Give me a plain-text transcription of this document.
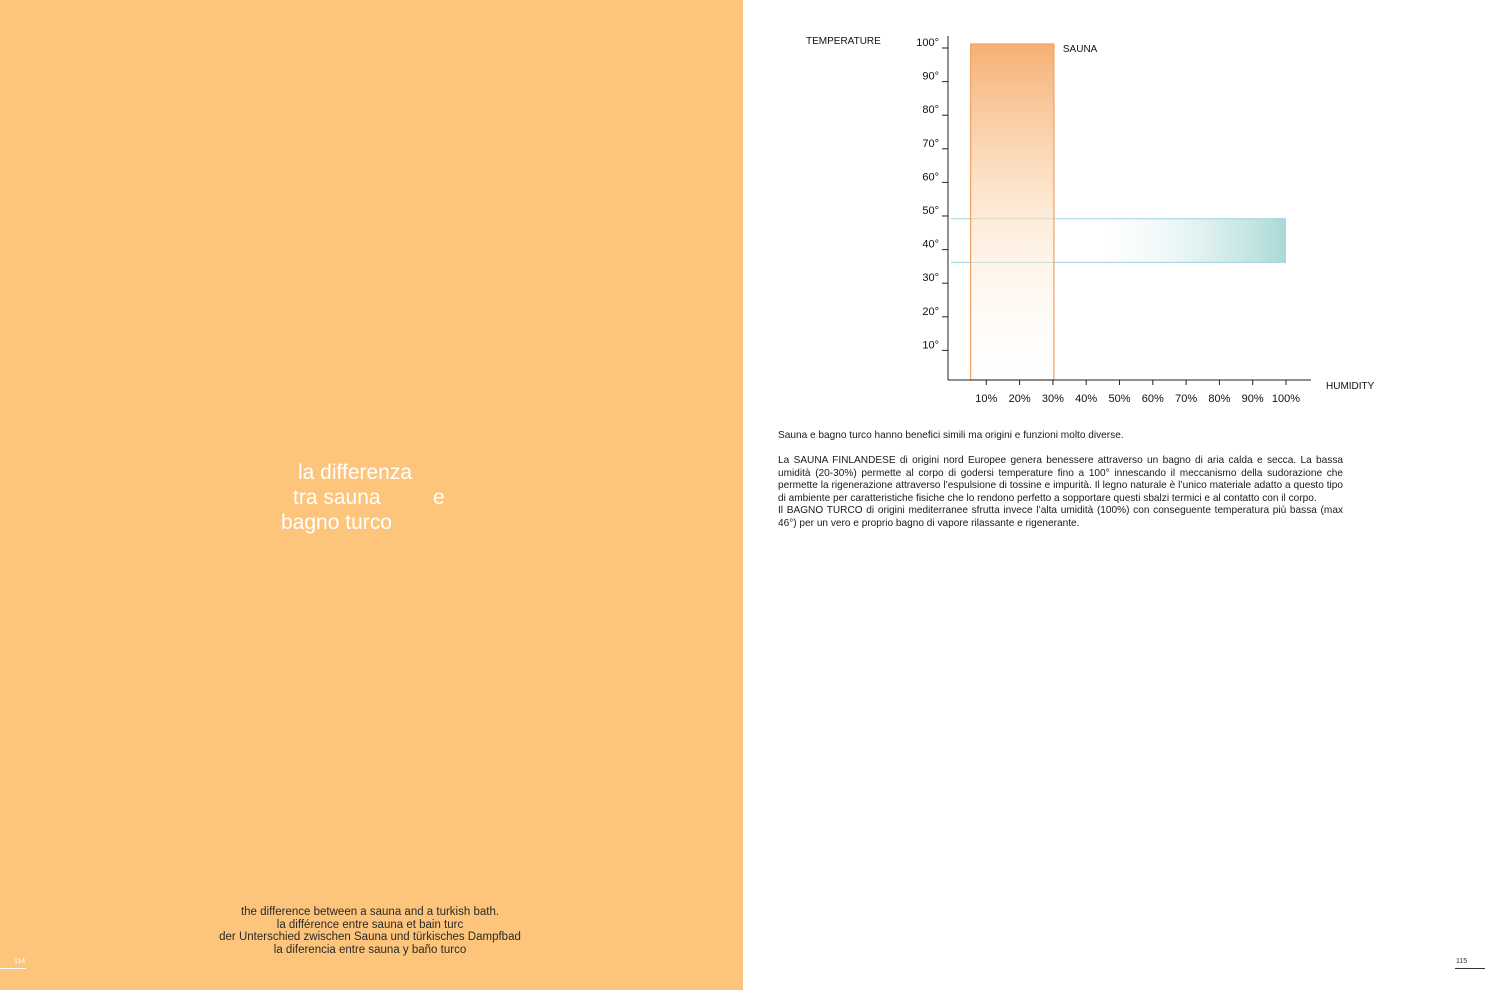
la differenza
tra sauna e
bagno turco
the difference between a sauna and a turkish bath.
la différence entre sauna et bain turc
der Unterschied zwischen Sauna und türkisches Dampfbad
la diferencia entre sauna y baño turco
114
SAUNA
100°
90°
80°
70°
60°
50°
40°
30°
20°
10°
10% 20% 30% 40% 50% 60% 70% 80% 90% 100%
TEMPERATURE
HUMIDITY

Sauna e bagno turco hanno benefici simili ma origini e funzioni molto diverse.

La SAUNA FINLANDESE di origini nord Europee genera benessere attraverso un bagno di aria calda e secca. La bassa umidità (20-30%) permette al corpo di godersi temperature fino a 100° innescando il meccanismo della sudorazione che permette la rigenerazione attraverso l’espulsione di tossine e impurità. Il legno naturale è l’unico materiale adatto a questo tipo di ambiente per caratteristiche fisiche che lo rendono perfetto a sopportare questi sbalzi termici e al contatto con il corpo.

Il BAGNO TURCO di origini mediterranee sfrutta invece l’alta umidità (100%) con conseguente temperatura più bassa (max 46°) per un vero e proprio bagno di vapore rilassante e rigenerante.

115
